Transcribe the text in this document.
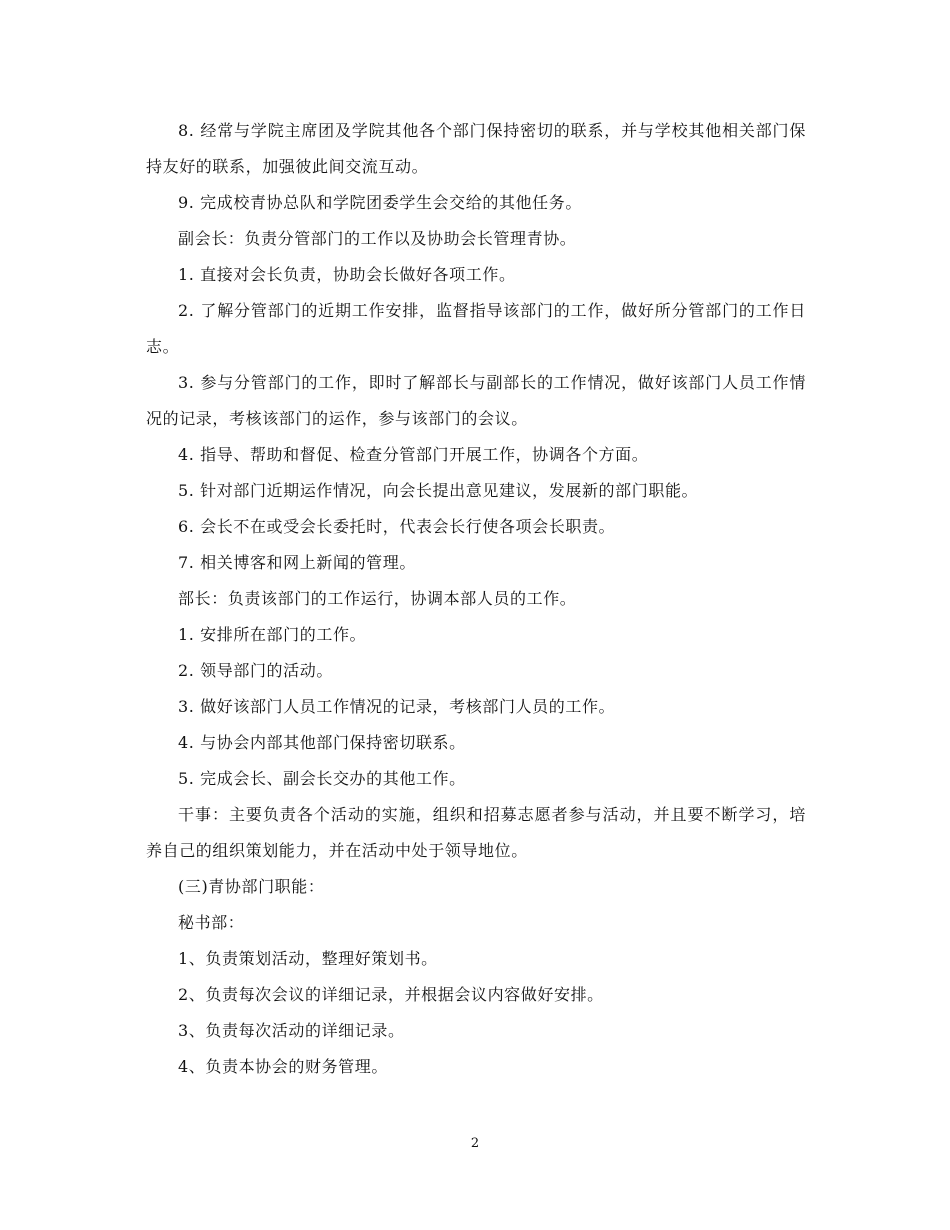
8. 经常与学院主席团及学院其他各个部门保持密切的联系，并与学校其他相关部门保持友好的联系，加强彼此间交流互动。

9. 完成校青协总队和学院团委学生会交给的其他任务。

副会长：负责分管部门的工作以及协助会长管理青协。

1. 直接对会长负责，协助会长做好各项工作。

2. 了解分管部门的近期工作安排，监督指导该部门的工作，做好所分管部门的工作日志。

3. 参与分管部门的工作，即时了解部长与副部长的工作情况，做好该部门人员工作情况的记录，考核该部门的运作，参与该部门的会议。

4. 指导、帮助和督促、检查分管部门开展工作，协调各个方面。

5. 针对部门近期运作情况，向会长提出意见建议，发展新的部门职能。

6. 会长不在或受会长委托时，代表会长行使各项会长职责。

7. 相关博客和网上新闻的管理。

部长：负责该部门的工作运行，协调本部人员的工作。

1. 安排所在部门的工作。

2. 领导部门的活动。

3. 做好该部门人员工作情况的记录，考核部门人员的工作。

4. 与协会内部其他部门保持密切联系。

5. 完成会长、副会长交办的其他工作。

干事：主要负责各个活动的实施，组织和招募志愿者参与活动，并且要不断学习，培养自己的组织策划能力，并在活动中处于领导地位。

(三)青协部门职能：

秘书部：

1、负责策划活动，整理好策划书。

2、负责每次会议的详细记录，并根据会议内容做好安排。

3、负责每次活动的详细记录。

4、负责本协会的财务管理。

2
